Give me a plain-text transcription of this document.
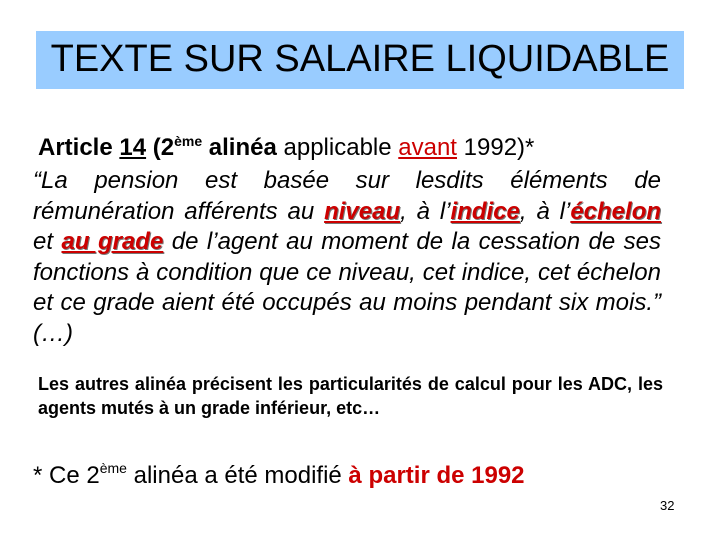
TEXTE SUR SALAIRE LIQUIDABLE
Article 14 (2ème alinéa applicable avant 1992)*

“La pension est basée sur lesdits éléments de rémunération afférents au niveau, à l’indice, à l’échelon et au grade de l’agent au moment de la cessation de ses fonctions à condition que ce niveau, cet indice, cet échelon et ce grade aient été occupés au moins pendant six mois.” (…)

Les autres alinéa précisent les particularités de calcul pour les ADC, les agents mutés à un grade inférieur, etc…

* Ce 2ème alinéa a été modifié à partir de 1992
32
